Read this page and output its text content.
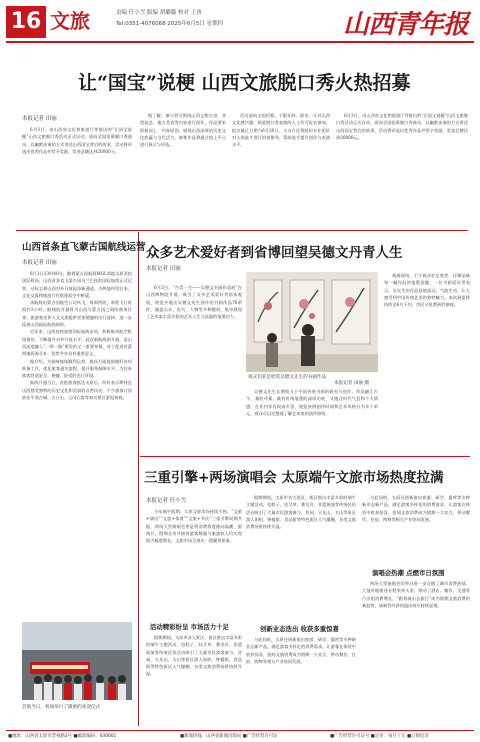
16 文旅	责编 任小雪 版编 胡璐璐 校对 王唐
Tel:0351-4076068 2025年6月5日 星期四	山西青年报
让“国宝”说梗 山西文旅脱口秀火热招募
本报记者 田丽

6月3日，由山西省文化和旅游厅等推出的“让国宝说梗”山西文旅脱口秀活动正式启动，面向全国招募脱口秀演员，以幽默诙谐的方式讲述山西国宝背后的故事，活动将评选出优秀作品并给予奖励，奖金总额达到20000元。

据了解，参与者可围绕山西文物古迹、非遗技艺、地方美食等内容进行创作，作品要求积极向上、内容原创，展现山西深厚的历史文化底蕴与当代活力，参赛作品将通过线上平台进行展示与评选。

活动面向全国招募，不限年龄、职业，凡对山西文化感兴趣、热爱脱口秀表演的人士均可报名参加，报名截止日期为6月30日，主办方还将组织专业团队对入围选手进行培训指导，帮助选手提升创作与表演水平。

6月3日，由山西省文化和旅游厅等推出的“让国宝说梗”山西文旅脱口秀活动正式启动，面向全国招募脱口秀演员，以幽默诙谐的方式讲述山西国宝背后的故事，活动将评选出优秀作品并给予奖励，奖金总额达到20000元。

山西首条直飞蒙古国航线运营
本报记者 田丽

6月3日13时40分，随着蒙古国航班MGL落地太原武宿国际机场，山西首条直飞蒙古国乌兰巴托的国际航线正式运营，这标志着山西对外开放再添新通道，为两地经贸往来、文化交流和旅游合作搭建起空中桥梁。

该航线由蒙古国航空公司执飞，每周两班，单程飞行时间约3小时，航线的开通将为山西与蒙古国之间的商务往来、旅游观光和人文交流提供更加便捷的出行选择，进一步拓展山西国际航线网络。

近年来，山西持续加密国际航线布局，积极推动航空枢纽建设，不断提升对外开放水平，此次新航线的开通，是山西深度融入“一带一路”建设的又一重要举措，对于促进晋蒙两地资源互补、优势共享具有重要意义。

据介绍，为保障航线顺利运营，机场方面提前做好各项准备工作，优化旅客通关流程，提升服务保障水平，为往来旅客营造安全、便捷、舒适的出行环境。

航线开通当日，首批旅客抵达太原后，纷纷表示期待在山西感受独特的历史文化和美丽的自然风光，不少旅客计划前往平遥古城、五台山、云冈石窟等知名景区游览参观。

首航当日，机场举行了隆重的欢迎仪式
众多艺术爱好者到省博回望吴德文丹青人生
本报记者 田丽

6月3日，“丹青一生——吴德文书画作品展”在山西博物院开幕，吸引了众多艺术爱好者前来观展，展览共展出吴德文先生创作的书画作品70余件，涵盖山水、花鸟、人物等多种题材，集中展现了艺术家丰富多彩的艺术人生与高超的笔墨功力。

观众们驻足欣赏吴德文先生的书画作品
本报记者 田丽 摄

吴德文先生长期致力于中国传统书画的研究与创作，作品融汇古今、兼收并蓄，既有传统笔墨的深厚功底，又饱含时代气息和个人情感，在业内享有较高声誉，展览按照创作时间和艺术风格分为多个单元，观众可以完整地了解艺术家的创作脉络。

观展现场，不少观众驻足欣赏，仔细品味每一幅作品的笔墨意趣，一位书画爱好者表示，吴先生的作品意境深远、气韵生动，让人感受到中国传统艺术的独特魅力。本次展览将持续至6月下旬，市民可免费预约参观。

三重引擎+两场演唱会 太原端午文旅市场热度拉满
本报记者 任小雪

今年端午假期，太原文旅市场持续火热，“文旅+演出”“文旅+体育”“文旅+节庆”三重引擎同频共振，两场大型演唱会更是将消费热度推向高潮，据统计，假期全市共接待游客数量与旅游收入均实现较大幅度增长，文旅市场呈现出一派繁荣景象。

活动精彩纷呈 市场活力十足

假期期间，太原市各大景区、街区推出丰富多彩的端午主题活动，包粽子、挂艾草、赛龙舟、非遗展演等传统民俗活动吸引了大量市民游客参与，晋祠、天龙山、太山等景区游人如织，钟楼街、食品街等特色街区人气爆棚，各类文旅消费场景持续升温。

假期期间，太原市各大景区、街区推出丰富多彩的端午主题活动，包粽子、挂艾草、赛龙舟、非遗展演等传统民俗活动吸引了大量市民游客参与，晋祠、天龙山、太山等景区游人如织，钟楼街、食品街等特色街区人气爆棚，各类文旅消费场景持续升温。

创新业态迭出 收获多重惊喜

与此同时，太原还创新推出夜游、研学、露营等多种新业态新产品，满足游客多样化的消费需求，让游客在体验中收获惊喜，夜间文旅消费成为假期一大亮点，带动餐饮、住宿、购物等相关产业协同发展。

与此同时，太原还创新推出夜游、研学、露营等多种新业态新产品，满足游客多样化的消费需求，让游客在体验中收获惊喜，夜间文旅消费成为假期一大亮点，带动餐饮、住宿、购物等相关产业协同发展。

演唱会热潮 点燃市日氛围

两场大型演唱会的举办进一步点燃了城市消费热情，大批外地歌迷专程来到太原，带动了酒店、餐饮、交通等行业的消费增长，“跟着演出去旅行”成为假期文旅消费的新趋势，演唱会经济的溢出效应持续显现。

■地址：山西省太原市晋祠路2号 ■邮政编码：030001	■新闻热线：山西省新闻出版局 ■广告经营许可证	■广告经营许可证号 ■定价：每月十元 ■订阅电话
